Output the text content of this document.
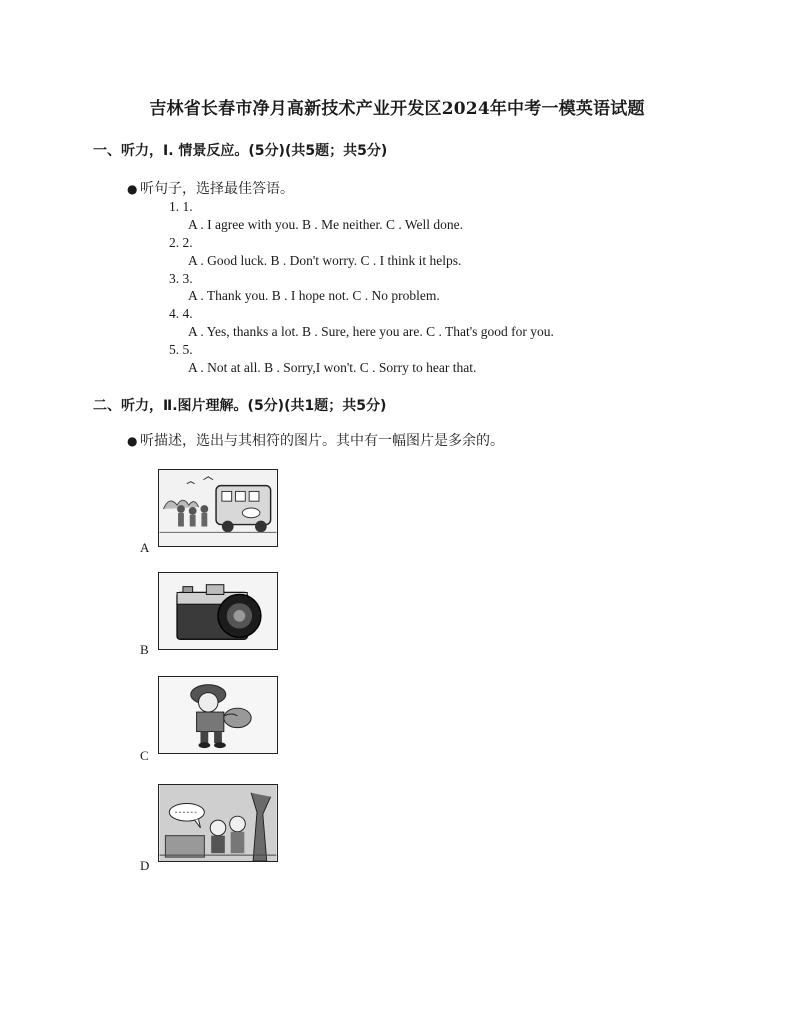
吉林省长春市净月高新技术产业开发区2024年中考一模英语试题
一、听力，I. 情景反应。(5分)(共5题；共5分)
● 听句子，选择最佳答语。
1. 1.
A . I agree with you. B . Me neither. C . Well done.
2. 2.
A . Good luck. B . Don't worry. C . I think it helps.
3. 3.
A . Thank you. B . I hope not. C . No problem.
4. 4.
A . Yes, thanks a lot. B . Sure, here you are. C . That's good for you.
5. 5.
A . Not at all. B . Sorry,I won't. C . Sorry to hear that.
二、听力，Ⅱ.图片理解。(5分)(共1题；共5分)
● 听描述，选出与其相符的图片。其中有一幅图片是多余的。
A
B
C
D
